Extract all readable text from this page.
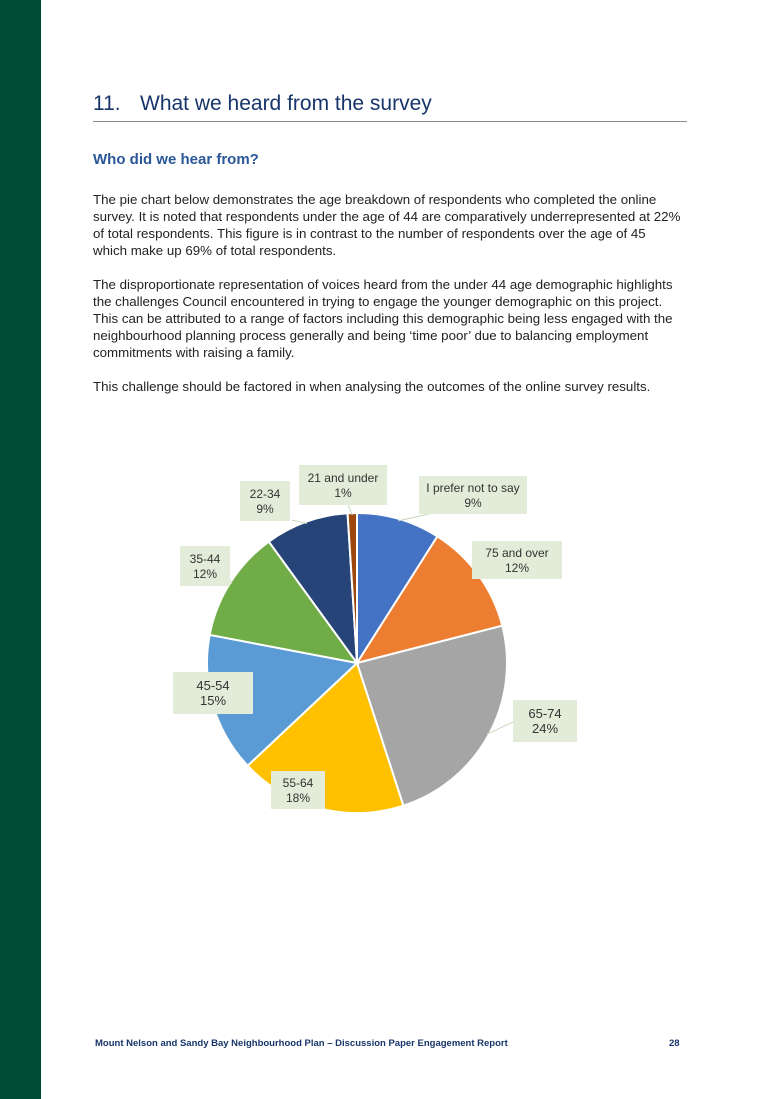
11. What we heard from the survey
Who did we hear from?

The pie chart below demonstrates the age breakdown of respondents who completed the online survey. It is noted that respondents under the age of 44 are comparatively underrepresented at 22% of total respondents. This figure is in contrast to the number of respondents over the age of 45 which make up 69% of total respondents.

The disproportionate representation of voices heard from the under 44 age demographic highlights the challenges Council encountered in trying to engage the younger demographic on this project. This can be attributed to a range of factors including this demographic being less engaged with the neighbourhood planning process generally and being ‘time poor’ due to balancing employment commitments with raising a family.

This challenge should be factored in when analysing the outcomes of the online survey results.

I prefer not to say
9%
75 and over
12%
65-74
24%
55-64
18%
45-54
15%
35-44
12%
22-34
9%
21 and under
1%
Mount Nelson and Sandy Bay Neighbourhood Plan – Discussion Paper Engagement Report	28
